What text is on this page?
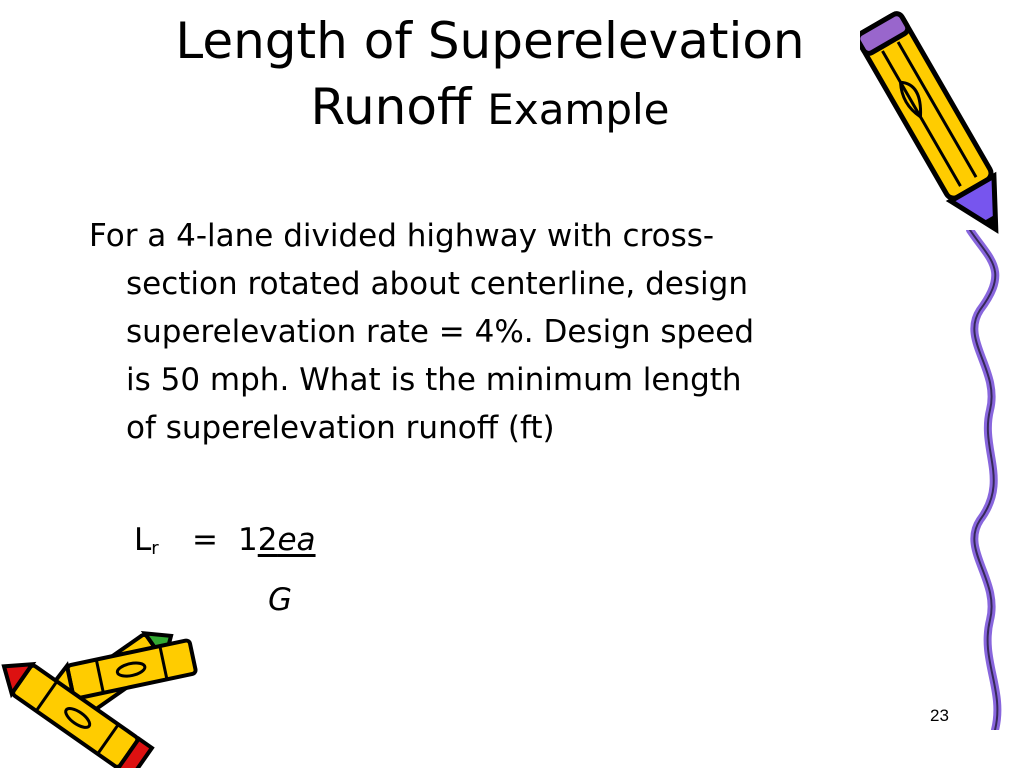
Length of Superelevation
Runoff Example
For a 4-lane divided highway with cross-
section rotated about centerline, design
superelevation rate = 4%. Design speed
is 50 mph. What is the minimum length
of superelevation runoff (ft)
$L_r = 12ea$
G
23
